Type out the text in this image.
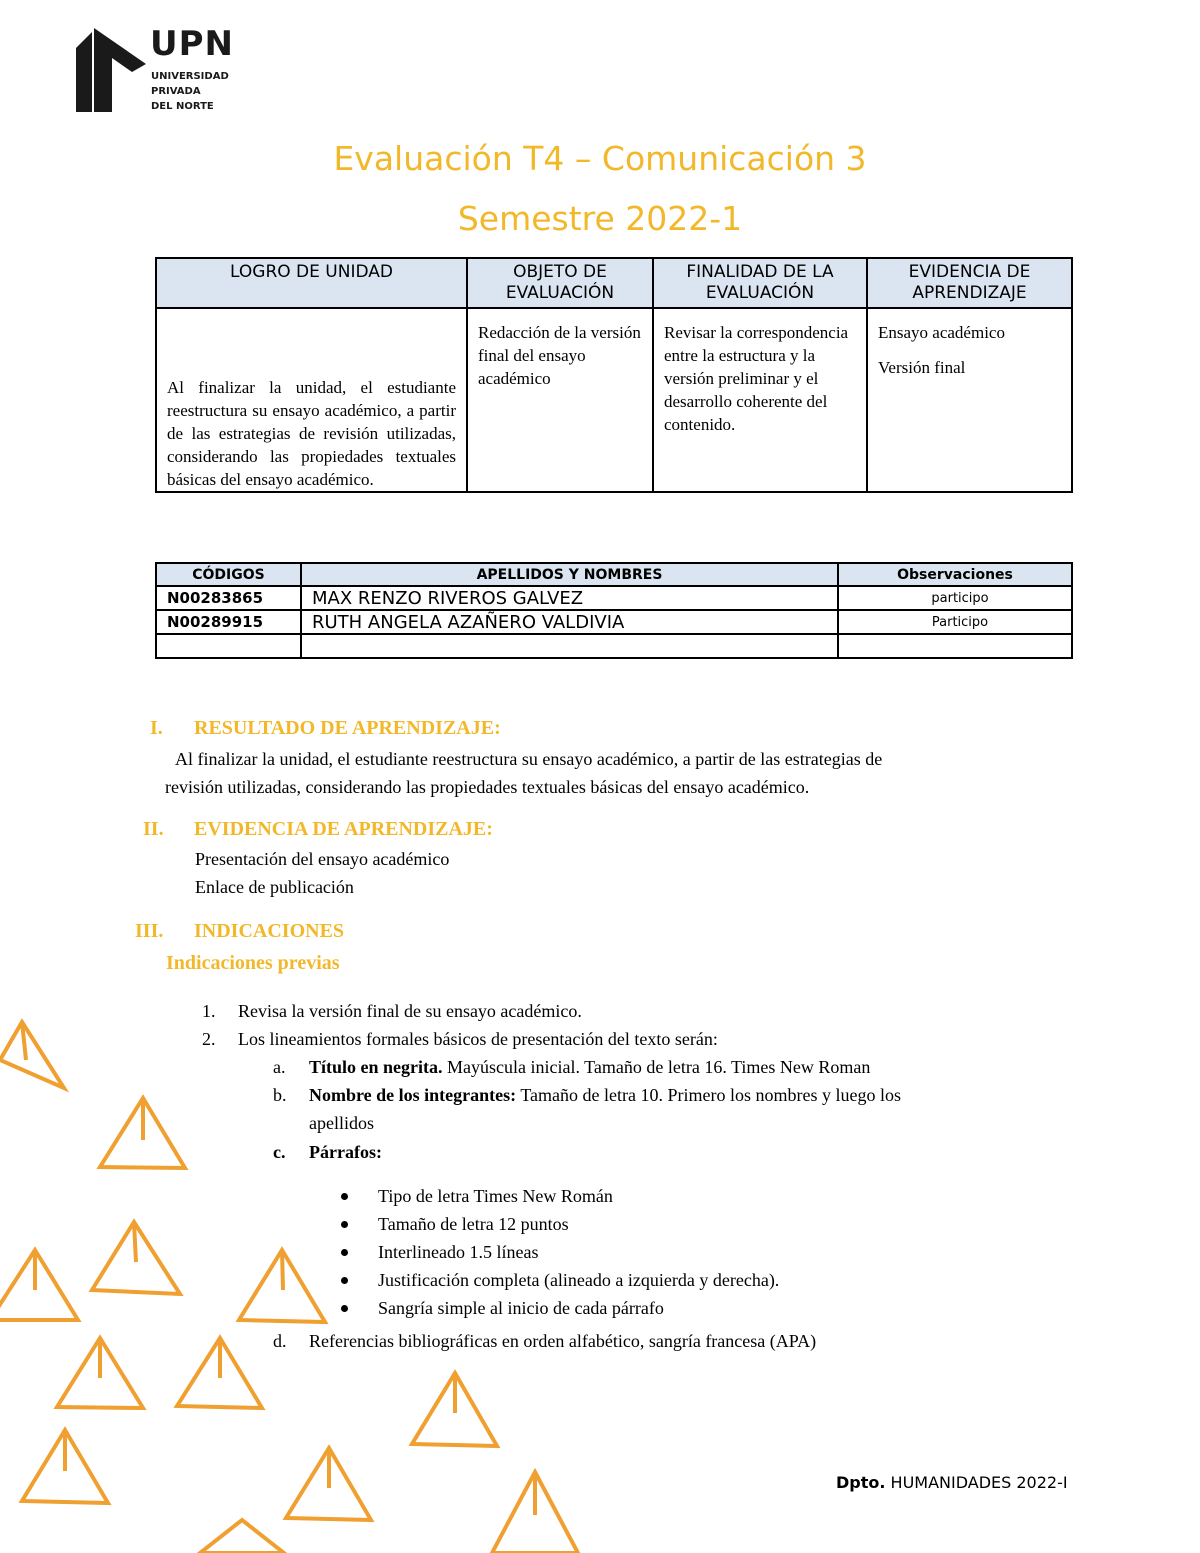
UPN
UNIVERSIDAD
PRIVADA
DEL NORTE
Evaluación T4 – Comunicación 3
Semestre 2022-1
LOGRO DE UNIDAD	OBJETO DE EVALUACIÓN	FINALIDAD DE LA EVALUACIÓN	EVIDENCIA DE APRENDIZAJE

Al finalizar la unidad, el estudiante reestructura su ensayo académico, a partir de las estrategias de revisión utilizadas, considerando las propiedades textuales básicas del ensayo académico.	Redacción de la versión final del ensayo académico	Revisar la correspondencia entre la estructura y la versión preliminar y el desarrollo coherente del contenido.	Ensayo académico
Versión final
CÓDIGOS	APELLIDOS Y NOMBRES	Observaciones
N00283865	MAX RENZO RIVEROS GALVEZ	participo
N00289915	RUTH ANGELA AZAÑERO VALDIVIA	Participo

I. RESULTADO DE APRENDIZAJE:
Al finalizar la unidad, el estudiante reestructura su ensayo académico, a partir de las estrategias de
revisión utilizadas, considerando las propiedades textuales básicas del ensayo académico.
II. EVIDENCIA DE APRENDIZAJE:
Presentación del ensayo académico
Enlace de publicación
III. INDICACIONES
Indicaciones previas
1. Revisa la versión final de su ensayo académico.
2. Los lineamientos formales básicos de presentación del texto serán:
a. Título en negrita. Mayúscula inicial. Tamaño de letra 16. Times New Roman
b. Nombre de los integrantes: Tamaño de letra 10. Primero los nombres y luego los
apellidos
c. Párrafos:
Tipo de letra Times New Román
Tamaño de letra 12 puntos
Interlineado 1.5 líneas
Justificación completa (alineado a izquierda y derecha).
Sangría simple al inicio de cada párrafo
d. Referencias bibliográficas en orden alfabético, sangría francesa (APA)
Dpto. HUMANIDADES 2022-I
